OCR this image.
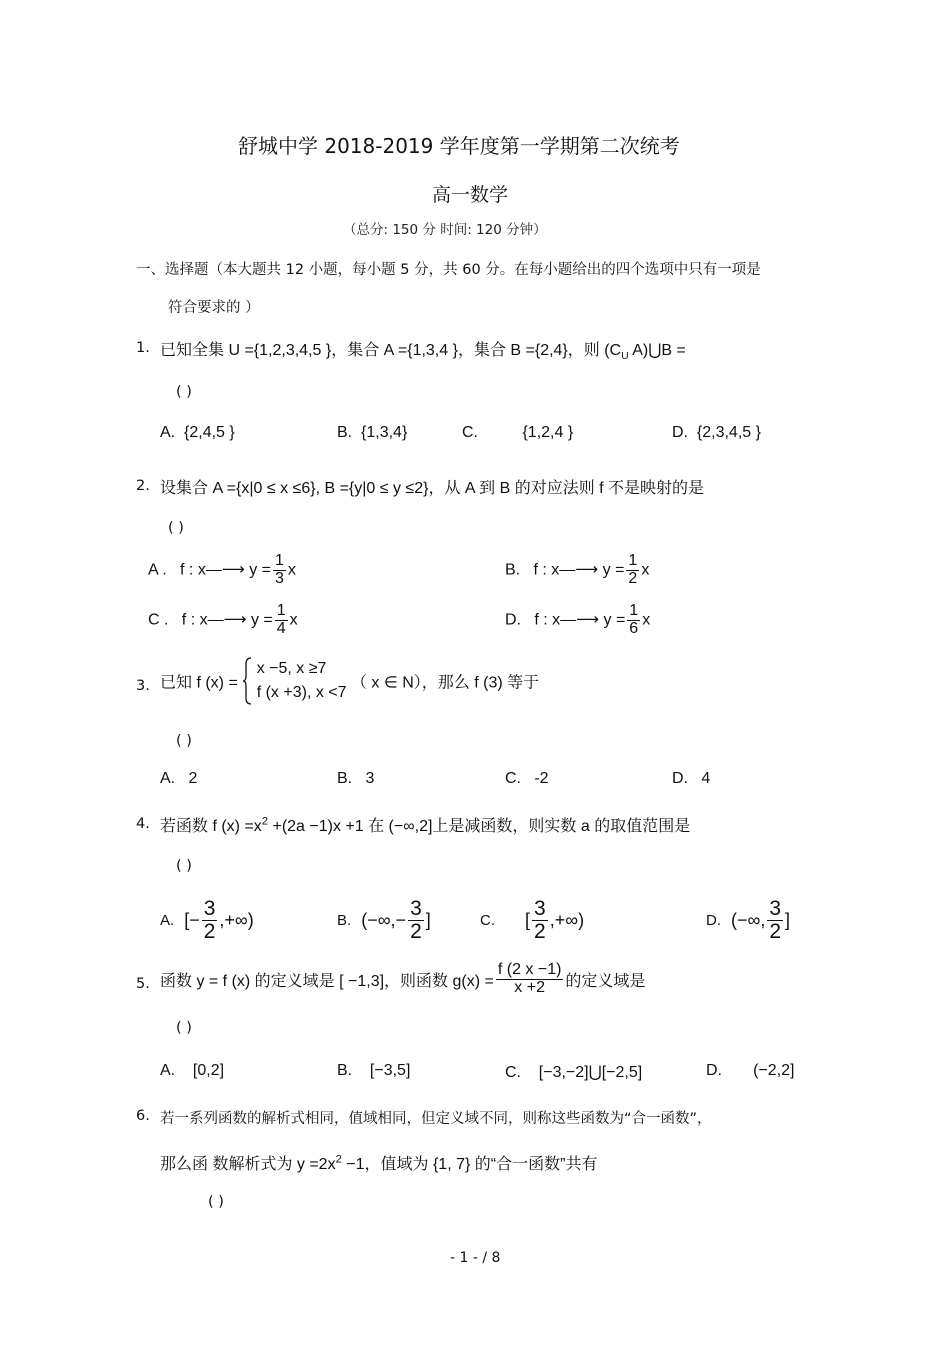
舒城中学 2018-2019 学年度第一学期第二次统考
高一数学
（总分: 150 分 时间: 120 分钟）
一、选择题（本大题共 12 小题，每小题 5 分，共 60 分。在每小题给出的四个选项中只有一项是
符合要求的 ）
1. 已知全集 U ={1,2,3,4,5 }，集合 A ={1,3,4 }，集合 B ={2,4}，则 ($C_U$ A)⋃B =
( )
A. {2,4,5 }	B. {1,3,4}	C.	{1,2,4 }	D. {2,3,4,5 }
2. 设集合 A ={x|0 ≤ x ≤6}, B ={y|0 ≤ y ≤2}，从 A 到 B 的对应法则 f 不是映射的是
( )
A . f : x—⟶ $y = \frac{1}{3}$ x	B. f : x—⟶ $y = \frac{1}{2}$ x
C . f : x—⟶ $y = \frac{1}{4}$ x	D. f : x—⟶ $y = \frac{1}{6}$ x
3. 已知 f (x) =
x −5, x ≥7
f (x +3), x <7
（ x ∈ N），那么 f (3) 等于
( )
A. 2	B. 3	C. -2	D. 4
4. 若函数 f $(x) =x^2 +(2a -1)x +1$ 在 (−∞,2]上是减函数，则实数 a 的取值范围是
( )
A. [− $\frac{3}{2}$ ,+∞)	B. (−∞,− $\frac{3}{2}$ ]	C. [ $\frac{3}{2}$ ,+∞)	D. (−∞, $\frac{3}{2}$ ]
5. 函数 y = f (x) 的定义域是 [ −1,3]，则函数 $g(x) = \frac{f (2 x -1)}{x +2}$ 的定义域是
( )
A. [0,2]	B. [−3,5]	C. [−3,−2]⋃[−2,5]	D. (−2,2]
6. 若一系列函数的解析式相同，值域相同，但定义域不同，则称这些函数为“合一函数”，
那么函 数解析式为 $y =2x^2 -1$，值域为 {1, 7} 的“合一函数”共有
( )
- 1 - / 8
